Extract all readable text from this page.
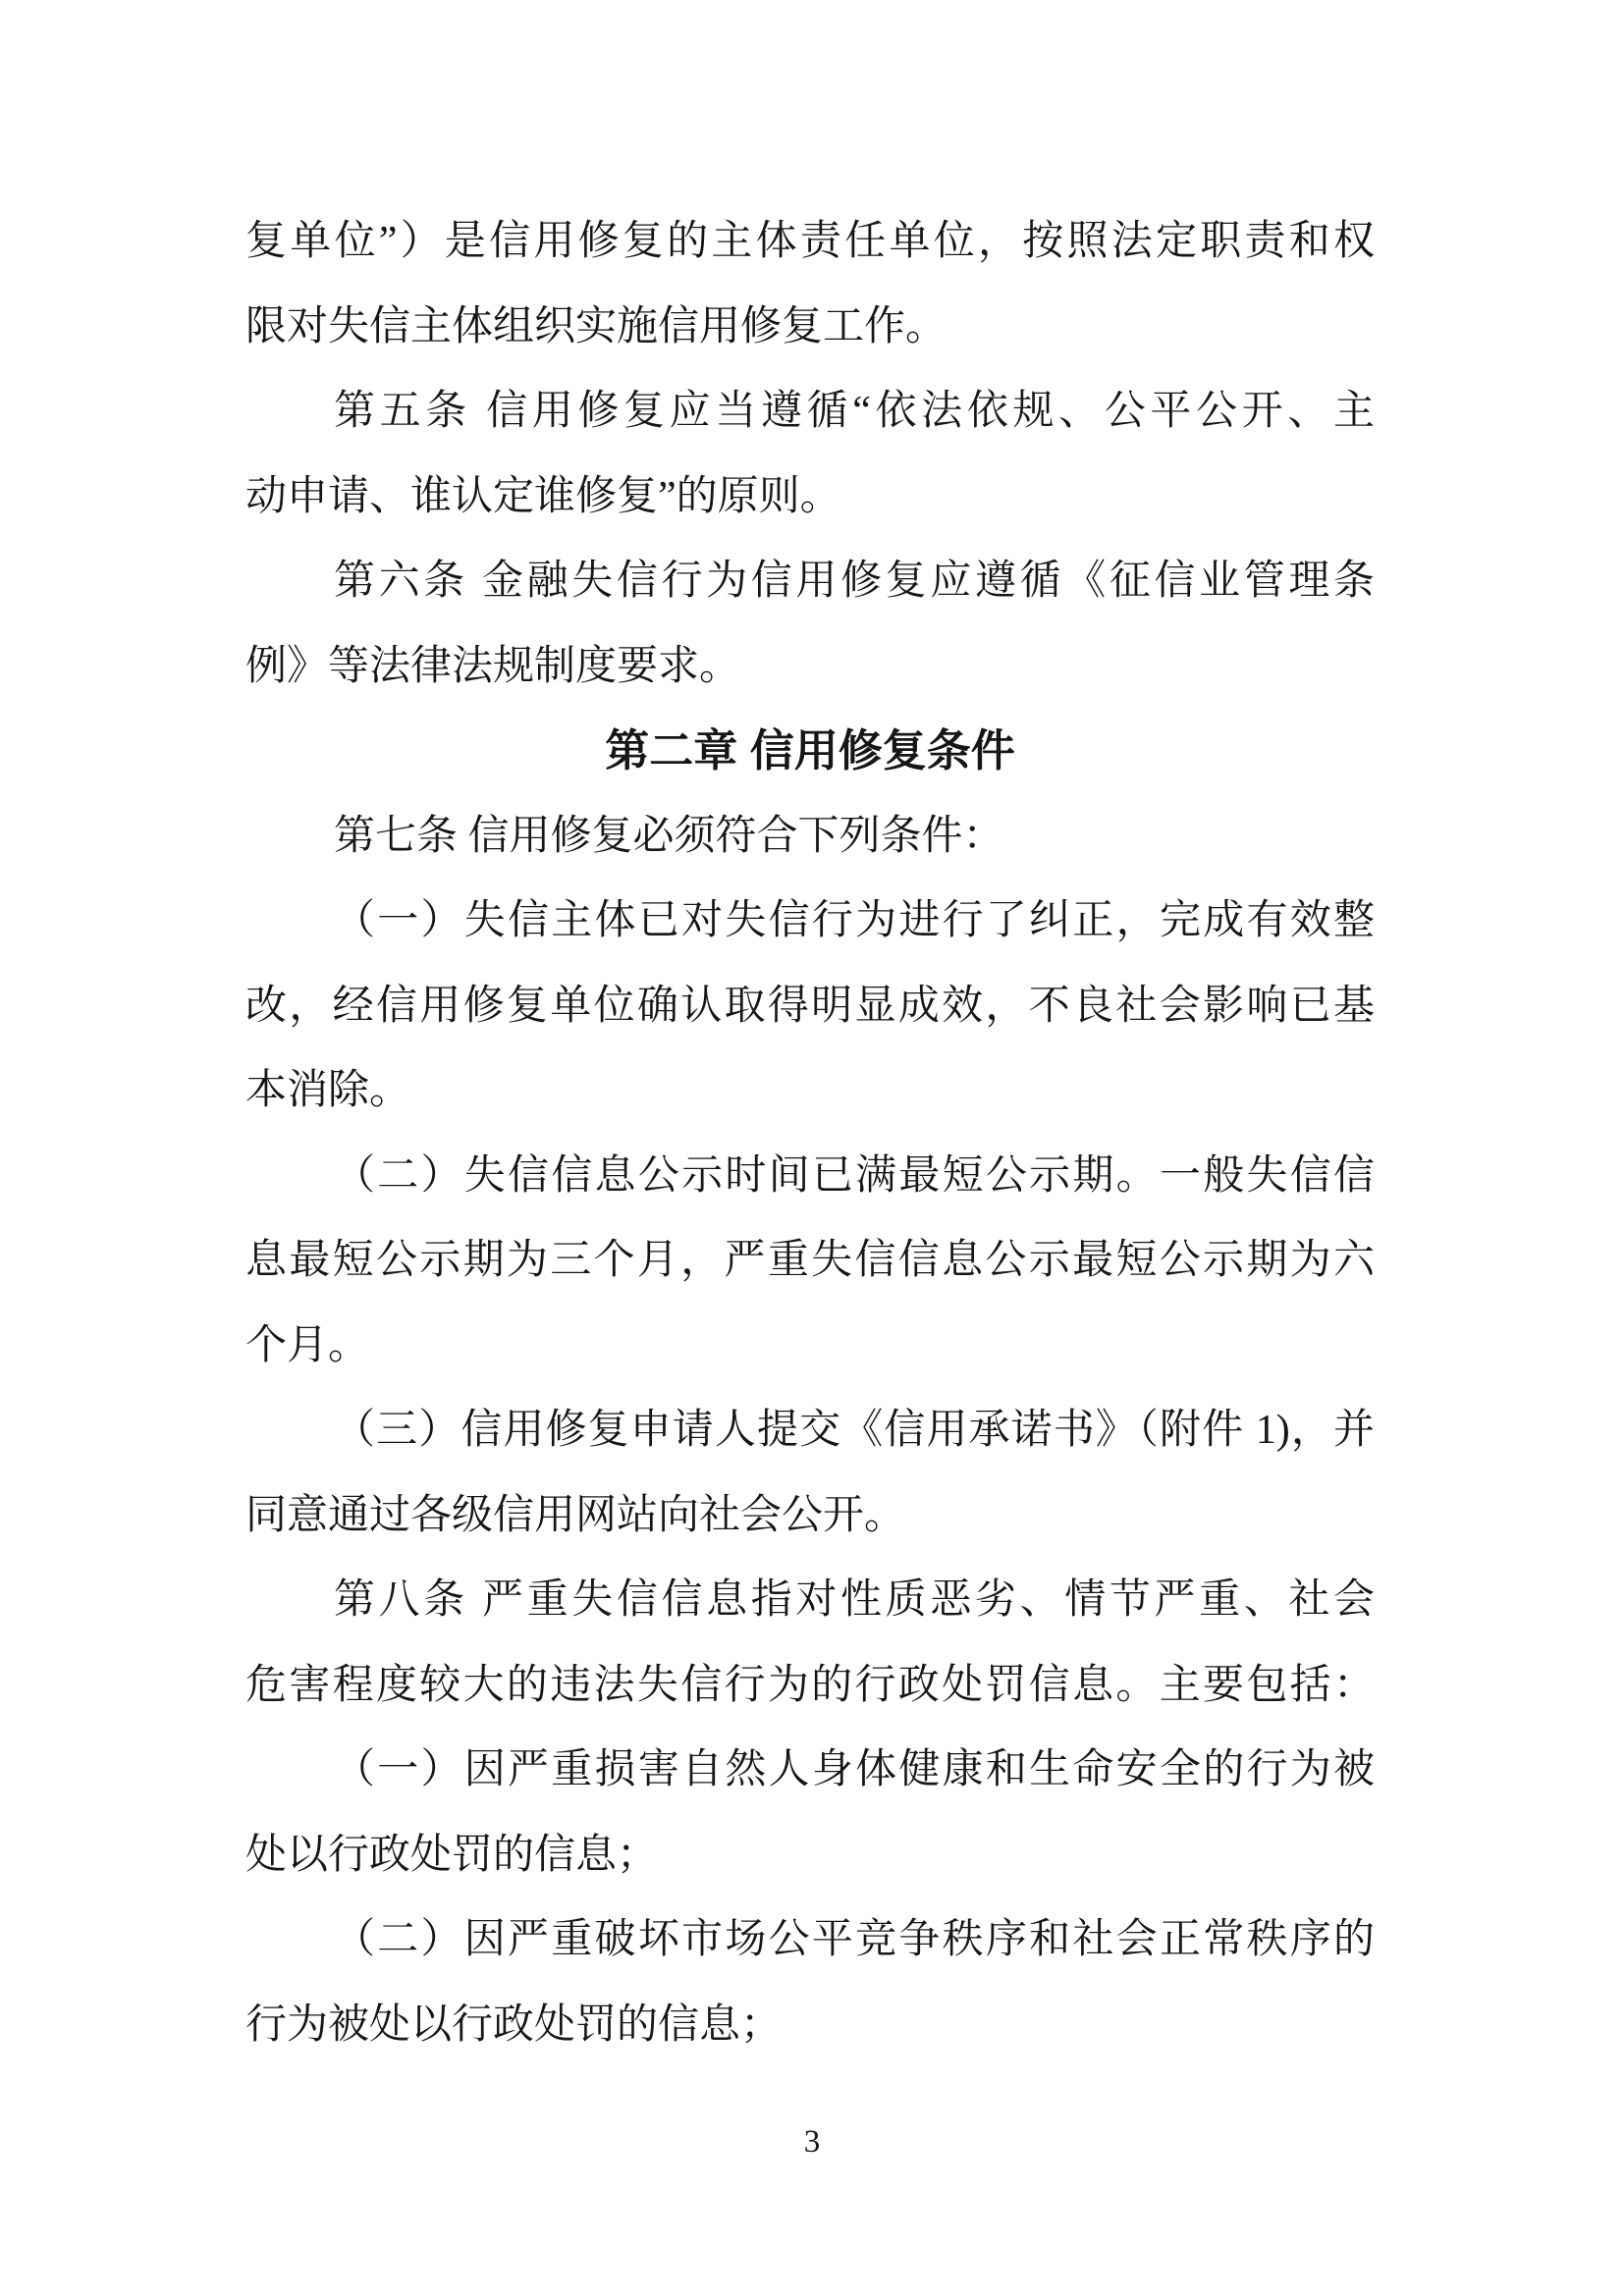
复单位”）是信用修复的主体责任单位，按照法定职责和权
限对失信主体组织实施信用修复工作。
第五条 信用修复应当遵循“依法依规、公平公开、主
动申请、谁认定谁修复”的原则。
第六条 金融失信行为信用修复应遵循《征信业管理条
例》等法律法规制度要求。
第二章 信用修复条件
第七条 信用修复必须符合下列条件：
（一）失信主体已对失信行为进行了纠正，完成有效整
改，经信用修复单位确认取得明显成效，不良社会影响已基
本消除。
（二）失信信息公示时间已满最短公示期。一般失信信
息最短公示期为三个月，严重失信信息公示最短公示期为六
个月。
（三）信用修复申请人提交《信用承诺书》（附件 1)，并
同意通过各级信用网站向社会公开。
第八条 严重失信信息指对性质恶劣、情节严重、社会
危害程度较大的违法失信行为的行政处罚信息。主要包括：
（一）因严重损害自然人身体健康和生命安全的行为被
处以行政处罚的信息；
（二）因严重破坏市场公平竞争秩序和社会正常秩序的
行为被处以行政处罚的信息；
3
